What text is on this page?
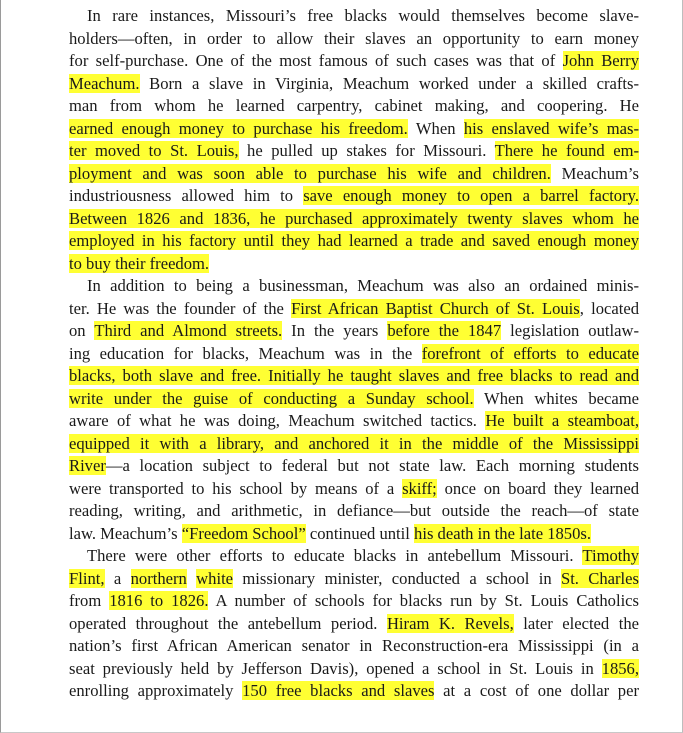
In rare instances, Missouri’s free blacks would themselves become slave-
holders—often, in order to allow their slaves an opportunity to earn money
for self-purchase. One of the most famous of such cases was that of John Berry
Meachum. Born a slave in Virginia, Meachum worked under a skilled crafts-
man from whom he learned carpentry, cabinet making, and coopering. He
earned enough money to purchase his freedom. When his enslaved wife’s mas-
ter moved to St. Louis, he pulled up stakes for Missouri. There he found em-
ployment and was soon able to purchase his wife and children. Meachum’s
industriousness allowed him to save enough money to open a barrel factory.
Between 1826 and 1836, he purchased approximately twenty slaves whom he
employed in his factory until they had learned a trade and saved enough money
to buy their freedom.
In addition to being a businessman, Meachum was also an ordained minis-
ter. He was the founder of the First African Baptist Church of St. Louis, located
on Third and Almond streets. In the years before the 1847 legislation outlaw-
ing education for blacks, Meachum was in the forefront of efforts to educate
blacks, both slave and free. Initially he taught slaves and free blacks to read and
write under the guise of conducting a Sunday school. When whites became
aware of what he was doing, Meachum switched tactics. He built a steamboat,
equipped it with a library, and anchored it in the middle of the Mississippi
River—a location subject to federal but not state law. Each morning students
were transported to his school by means of a skiff; once on board they learned
reading, writing, and arithmetic, in defiance—but outside the reach—of state
law. Meachum’s “Freedom School” continued until his death in the late 1850s.
There were other efforts to educate blacks in antebellum Missouri. Timothy
Flint, a northern white missionary minister, conducted a school in St. Charles
from 1816 to 1826. A number of schools for blacks run by St. Louis Catholics
operated throughout the antebellum period. Hiram K. Revels, later elected the
nation’s first African American senator in Reconstruction-era Mississippi (in a
seat previously held by Jefferson Davis), opened a school in St. Louis in 1856,
enrolling approximately 150 free blacks and slaves at a cost of one dollar per
